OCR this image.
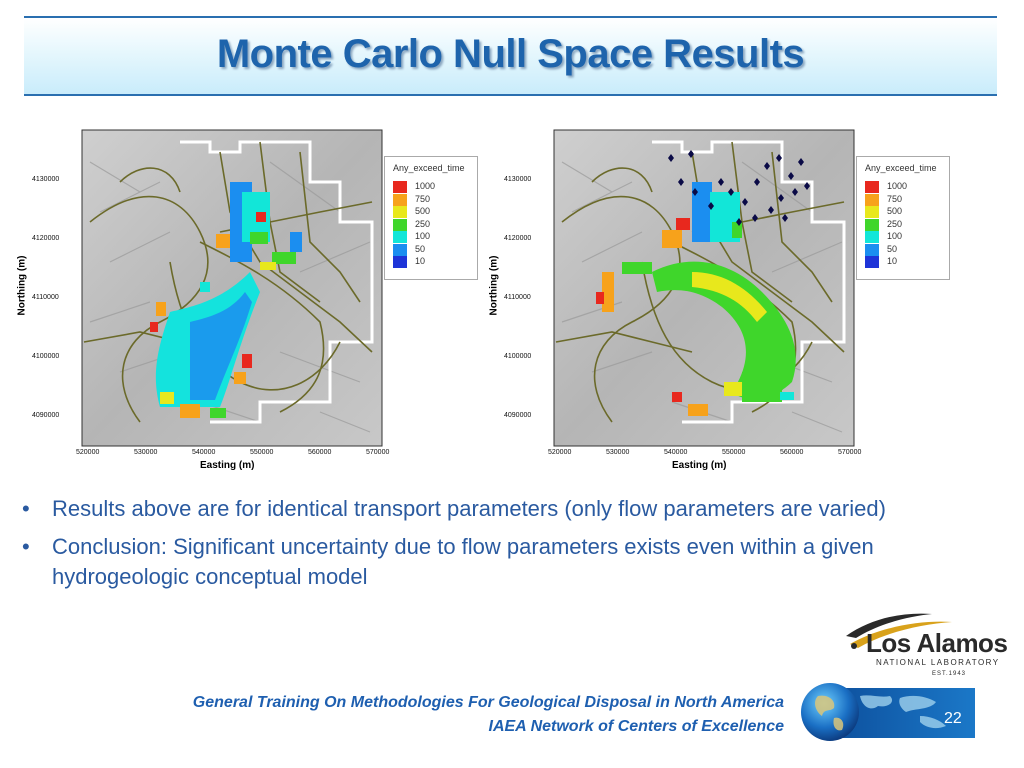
Monte Carlo Null Space Results
Any_exceed_time
1000
750
500
250
100
50
10
4130000
4120000
4110000
4100000
4090000
520000	530000	540000	550000	560000	570000
Easting (m)
Northing (m)
Any_exceed_time
1000
750
500
250
100
50
10
4130000
4120000
4110000
4100000
4090000
520000	530000	540000	550000	560000	570000
Easting (m)
Northing (m)
• Results above are for identical transport parameters (only flow parameters are varied)
• Conclusion: Significant uncertainty due to flow parameters exists even within a given hydrogeologic conceptual model
Los Alamos
NATIONAL LABORATORY
EST.1943
General Training On Methodologies For Geological Disposal in North America
IAEA Network of Centers of Excellence	22
